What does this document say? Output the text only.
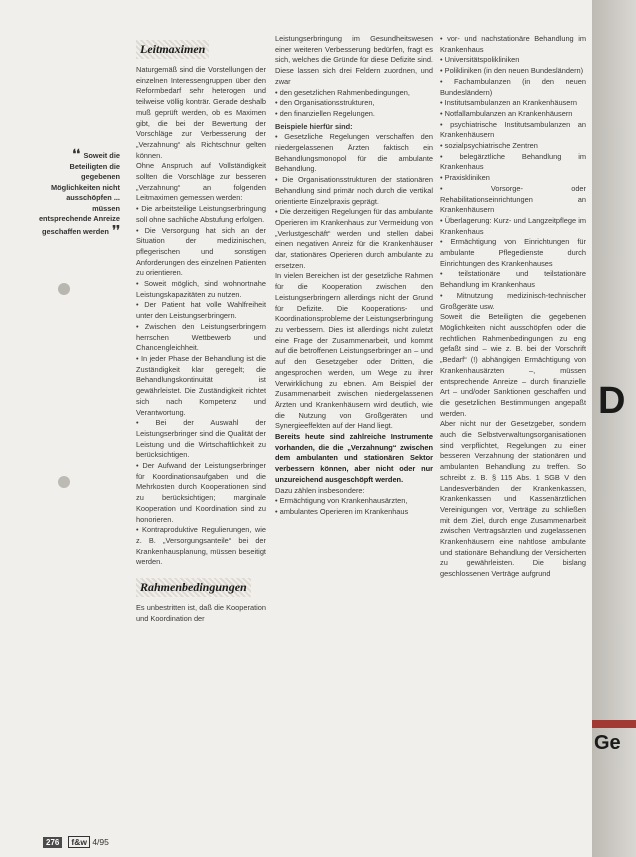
❛❛ Soweit die Beteiligten die gegebenen Möglichkeiten nicht ausschöpfen ... müssen entsprechende Anreize geschaffen werden ❜❜
Leitmaximen

Naturgemäß sind die Vorstellungen der einzelnen Interessengruppen über den Reformbedarf sehr heterogen und teilweise völlig konträr. Gerade deshalb muß geprüft werden, ob es Maximen gibt, die bei der Bewertung der Vorschläge zur Verbesserung der „Verzahnung“ als Richtschnur gelten können.

Ohne Anspruch auf Vollständigkeit sollten die Vorschläge zur besseren „Verzahnung“ an folgenden Leitmaximen gemessen werden:

• Die arbeitsteilige Leistungserbringung soll ohne sachliche Abstufung erfolgen.

• Die Versorgung hat sich an der Situation der medizinischen, pflegerischen und sonstigen Anforderungen des einzelnen Patienten zu orientieren.

• Soweit möglich, sind wohnortnahe Leistungskapazitäten zu nutzen.

• Der Patient hat volle Wahlfreiheit unter den Leistungserbringern.

• Zwischen den Leistungserbringern herrschen Wettbewerb und Chancengleichheit.

• In jeder Phase der Behandlung ist die Zuständigkeit klar geregelt; die Behandlungskontinuität ist gewährleistet. Die Zuständigkeit richtet sich nach Kompetenz und Verantwortung.

• Bei der Auswahl der Leistungserbringer sind die Qualität der Leistung und die Wirtschaftlichkeit zu berücksichtigen.

• Der Aufwand der Leistungserbringer für Koordinationsaufgaben und die Mehrkosten durch Kooperationen sind zu berücksichtigen; marginale Kooperation und Koordination sind zu honorieren.

• Kontraproduktive Regulierungen, wie z. B. „Versorgungsanteile“ bei der Krankenhausplanung, müssen beseitigt werden.

Rahmenbedingungen

Es unbestritten ist, daß die Kooperation und Koordination der

Leistungserbringung im Gesundheitswesen einer weiteren Verbesserung bedürfen, fragt es sich, welches die Gründe für diese Defizite sind. Diese lassen sich drei Feldern zuordnen, und zwar

• den gesetzlichen Rahmenbedingungen,

• den Organisationsstrukturen,

• den finanziellen Regelungen.

Beispiele hierfür sind:

• Gesetzliche Regelungen verschaffen den niedergelassenen Ärzten faktisch ein Behandlungsmonopol für die ambulante Behandlung.

• Die Organisationsstrukturen der stationären Behandlung sind primär noch durch die vertikal orientierte Einzelpraxis geprägt.

• Die derzeitigen Regelungen für das ambulante Operieren im Krankenhaus zur Vermeidung von „Verlustgeschäft“ werden und stellen dabei einen negativen Anreiz für die Krankenhäuser dar, stationäres Operieren durch ambulante zu ersetzen.

In vielen Bereichen ist der gesetzliche Rahmen für die Kooperation zwischen den Leistungserbringern allerdings nicht der Grund für Defizite. Die Kooperations- und Koordinationsprobleme der Leistungserbringung zu verbessern. Dies ist allerdings nicht zuletzt eine Frage der Zusammenarbeit, und kommt auf die betroffenen Leistungserbringer an – und auf den Gesetzgeber oder Dritten, die angesprochen werden, um Wege zu ihrer Verwirklichung zu ebnen. Am Beispiel der Zusammenarbeit zwischen niedergelassenen Ärzten und Krankenhäusern wird deutlich, wie die Nutzung von Großgeräten und Synergieeffekten auf der Hand liegt.

Bereits heute sind zahlreiche Instrumente vorhanden, die die „Verzahnung“ zwischen dem ambulanten und stationären Sektor verbessern können, aber nicht oder nur unzureichend ausgeschöpft werden.

Dazu zählen insbesondere:

• Ermächtigung von Krankenhausärzten,

• ambulantes Operieren im Krankenhaus

• vor- und nachstationäre Behandlung im Krankenhaus

• Universitätspolikliniken

• Polikliniken (in den neuen Bundesländern)

• Fachambulanzen (in den neuen Bundesländern)

• Institutsambulanzen an Krankenhäusern

• Notfallambulanzen an Krankenhäusern

• psychiatrische Institutsambulanzen an Krankenhäusern

• sozialpsychiatrische Zentren

• belegärztliche Behandlung im Krankenhaus

• Praxiskliniken

• Vorsorge- oder Rehabilitationseinrichtungen an Krankenhäusern

• Überlagerung: Kurz- und Langzeitpflege im Krankenhaus

• Ermächtigung von Einrichtungen für ambulante Pflegedienste durch Einrichtungen des Krankenhauses

• teilstationäre und teilstationäre Behandlung im Krankenhaus

• Mitnutzung medizinisch-technischer Großgeräte usw.

Soweit die Beteiligten die gegebenen Möglichkeiten nicht ausschöpfen oder die rechtlichen Rahmenbedingungen zu eng gefaßt sind – wie z. B. bei der Vorschrift „Bedarf“ (!) abhängigen Ermächtigung von Krankenhausärzten –, müssen entsprechende Anreize – durch finanzielle Art – und/oder Sanktionen geschaffen und die gesetzlichen Bestimmungen angepaßt werden.

Aber nicht nur der Gesetzgeber, sondern auch die Selbstverwaltungsorganisationen sind verpflichtet, Regelungen zu einer besseren Verzahnung der stationären und ambulanten Behandlung zu treffen. So schreibt z. B. § 115 Abs. 1 SGB V den Landesverbänden der Krankenkassen, Krankenkassen und Kassenärztlichen Vereinigungen vor, Verträge zu schließen mit dem Ziel, durch enge Zusammenarbeit zwischen Vertragsärzten und zugelassenen Krankenhäusern eine nahtlose ambulante und stationäre Behandlung der Versicherten zu gewährleisten. Die bislang geschlossenen Verträge aufgrund

276	f&w 4/95
D
Ge
